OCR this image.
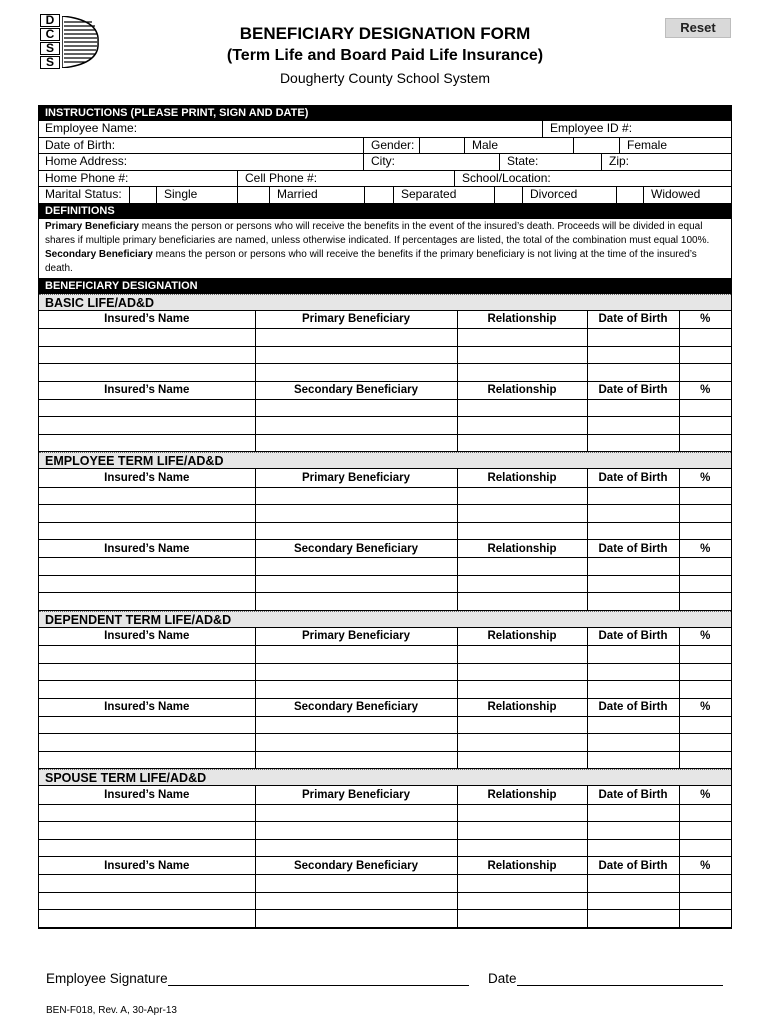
D
C
S
S
Reset
BENEFICIARY DESIGNATION FORM
(Term Life and Board Paid Life Insurance)
Dougherty County School System
INSTRUCTIONS (PLEASE PRINT, SIGN AND DATE)
Employee Name:	Employee ID #:
Date of Birth:	Gender:	Male	Female
Home Address:	City:	State:	Zip:
Home Phone #:	Cell Phone #:	School/Location:
Marital Status:	Single	Married	Separated	Divorced	Widowed
DEFINITIONS
Primary Beneficiary means the person or persons who will receive the benefits in the event of the insured’s death. Proceeds will be divided in equal shares if multiple primary beneficiaries are named, unless otherwise indicated. If percentages are listed, the total of the combination must equal 100%.
Secondary Beneficiary means the person or persons who will receive the benefits if the primary beneficiary is not living at the time of the insured’s death.
BENEFICIARY DESIGNATION
BASIC LIFE/AD&D
Insured’s Name	Primary Beneficiary	Relationship	Date of Birth	%

Insured’s Name	Secondary Beneficiary	Relationship	Date of Birth	%

EMPLOYEE TERM LIFE/AD&D
Insured’s Name	Primary Beneficiary	Relationship	Date of Birth	%

Insured’s Name	Secondary Beneficiary	Relationship	Date of Birth	%

DEPENDENT TERM LIFE/AD&D
Insured’s Name	Primary Beneficiary	Relationship	Date of Birth	%

Insured’s Name	Secondary Beneficiary	Relationship	Date of Birth	%

SPOUSE TERM LIFE/AD&D
Insured’s Name	Primary Beneficiary	Relationship	Date of Birth	%

Insured’s Name	Secondary Beneficiary	Relationship	Date of Birth	%

Employee Signature	Date
BEN-F018, Rev. A, 30-Apr-13
